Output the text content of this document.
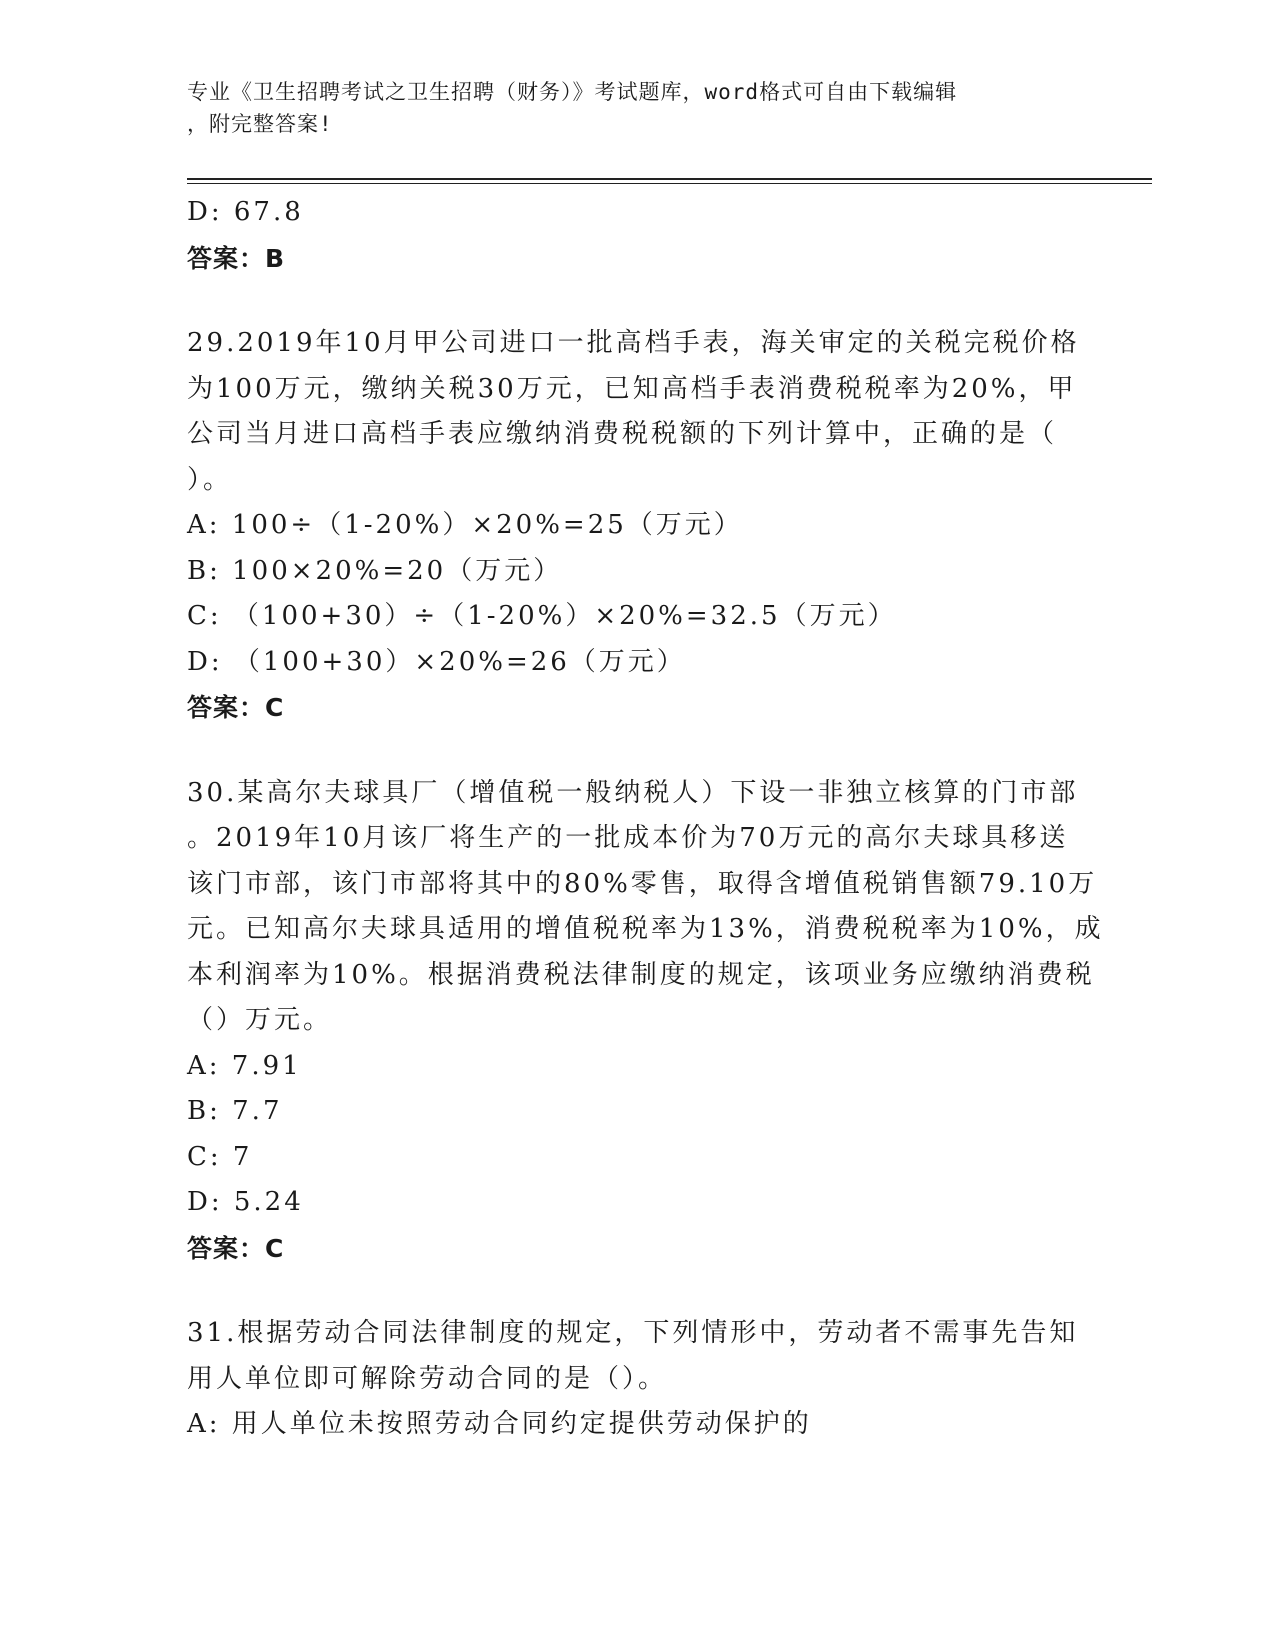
专业《卫生招聘考试之卫生招聘（财务）》考试题库，word格式可自由下载编辑
，附完整答案!
D: 67.8
答案：B
29.2019年10月甲公司进口一批高档手表，海关审定的关税完税价格
为100万元，缴纳关税30万元，已知高档手表消费税税率为20%，甲
公司当月进口高档手表应缴纳消费税税额的下列计算中，正确的是（
）。
A: 100÷（1-20%）×20%=25（万元）
B: 100×20%=20（万元）
C: （100+30）÷（1-20%）×20%=32.5（万元）
D: （100+30）×20%=26（万元）
答案：C
30.某高尔夫球具厂（增值税一般纳税人）下设一非独立核算的门市部
。2019年10月该厂将生产的一批成本价为70万元的高尔夫球具移送
该门市部，该门市部将其中的80%零售，取得含增值税销售额79.10万
元。已知高尔夫球具适用的增值税税率为13%，消费税税率为10%，成
本利润率为10%。根据消费税法律制度的规定，该项业务应缴纳消费税
（）万元。
A: 7.91
B: 7.7
C: 7
D: 5.24
答案：C
31.根据劳动合同法律制度的规定，下列情形中，劳动者不需事先告知
用人单位即可解除劳动合同的是（）。
A: 用人单位未按照劳动合同约定提供劳动保护的
